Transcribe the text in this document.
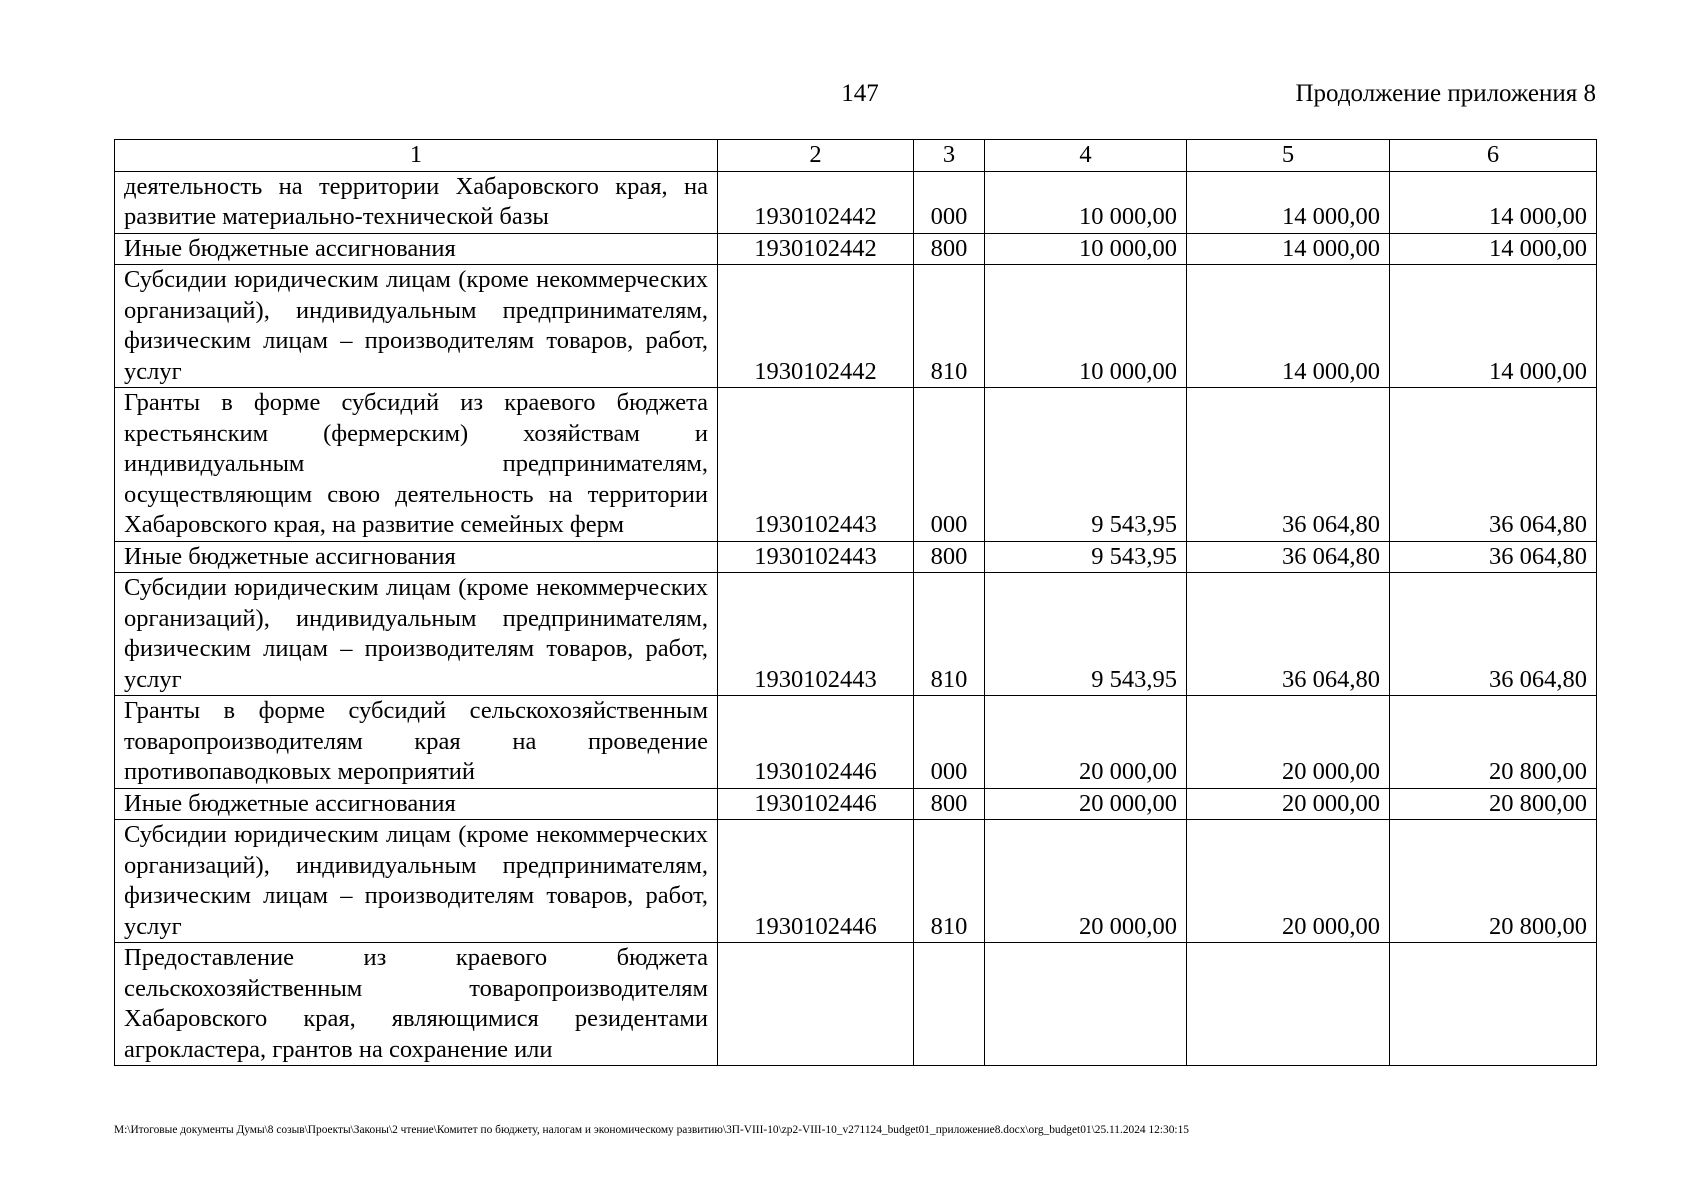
147	Продолжение приложения 8
1	2	3	4	5	6
деятельность на территории Хабаровского края, на развитие материально-технической базы	1930102442	000	10 000,00	14 000,00	14 000,00
Иные бюджетные ассигнования	1930102442	800	10 000,00	14 000,00	14 000,00
Субсидии юридическим лицам (кроме некоммерческих организаций), индивидуальным предпринимателям, физическим лицам – производителям товаров, работ, услуг	1930102442	810	10 000,00	14 000,00	14 000,00
Гранты в форме субсидий из краевого бюджета крестьянским (фермерским) хозяйствам и индивидуальным предпринимателям, осуществляющим свою деятельность на территории Хабаровского края, на развитие семейных ферм	1930102443	000	9 543,95	36 064,80	36 064,80
Иные бюджетные ассигнования	1930102443	800	9 543,95	36 064,80	36 064,80
Субсидии юридическим лицам (кроме некоммерческих организаций), индивидуальным предпринимателям, физическим лицам – производителям товаров, работ, услуг	1930102443	810	9 543,95	36 064,80	36 064,80
Гранты в форме субсидий сельскохозяйственным товаропроизводителям края на проведение противопаводковых мероприятий	1930102446	000	20 000,00	20 000,00	20 800,00
Иные бюджетные ассигнования	1930102446	800	20 000,00	20 000,00	20 800,00
Субсидии юридическим лицам (кроме некоммерческих организаций), индивидуальным предпринимателям, физическим лицам – производителям товаров, работ, услуг	1930102446	810	20 000,00	20 000,00	20 800,00
Предоставление из краевого бюджета сельскохозяйственным товаропроизводителям Хабаровского края, являющимися резидентами агрокластера, грантов на сохранение или					
M:\Итоговые документы Думы\8 созыв\Проекты\Законы\2 чтение\Комитет по бюджету, налогам и экономическому развитию\3П-VIII-10\zp2-VIII-10_v271124_budget01_приложение8.docx\org_budget01\25.11.2024 12:30:15
